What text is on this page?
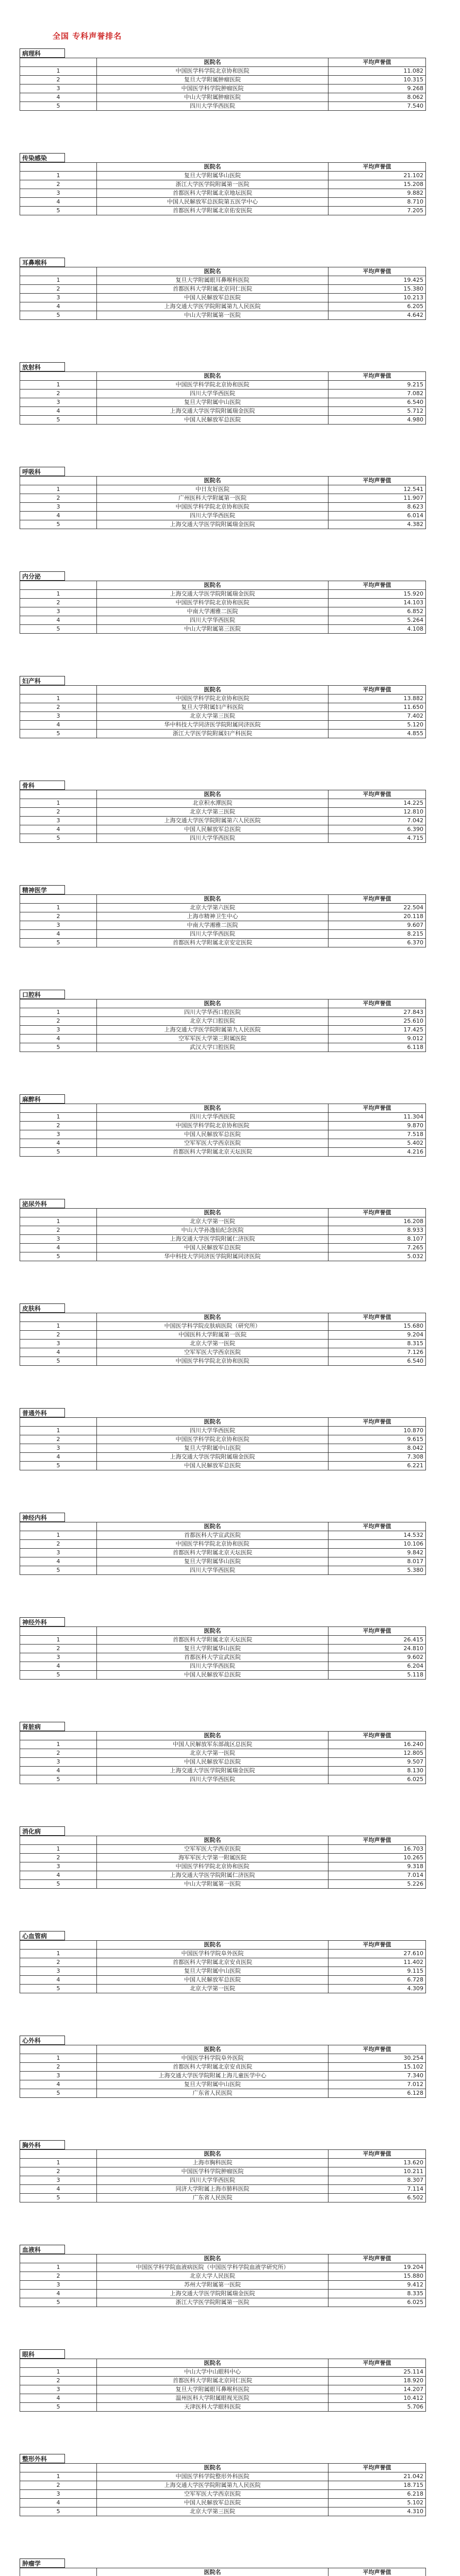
全国 专科声誉排名
病理科
	医院名	平均声誉值
1	中国医学科学院北京协和医院	11.082
2	复旦大学附属肿瘤医院	10.315
3	中国医学科学院肿瘤医院	9.268
4	中山大学附属肿瘤医院	8.062
5	四川大学华西医院	7.540
传染感染
	医院名	平均声誉值
1	复旦大学附属华山医院	21.102
2	浙江大学医学院附属第一医院	15.208
3	首都医科大学附属北京地坛医院	9.882
4	中国人民解放军总医院第五医学中心	8.710
5	首都医科大学附属北京佑安医院	7.205
耳鼻喉科
	医院名	平均声誉值
1	复旦大学附属眼耳鼻喉科医院	19.425
2	首都医科大学附属北京同仁医院	15.380
3	中国人民解放军总医院	10.213
4	上海交通大学医学院附属第九人民医院	6.205
5	中山大学附属第一医院	4.642
放射科
	医院名	平均声誉值
1	中国医学科学院北京协和医院	9.215
2	四川大学华西医院	7.082
3	复旦大学附属中山医院	6.540
4	上海交通大学医学院附属瑞金医院	5.712
5	中国人民解放军总医院	4.980
呼吸科
	医院名	平均声誉值
1	中日友好医院	12.541
2	广州医科大学附属第一医院	11.907
3	中国医学科学院北京协和医院	8.623
4	四川大学华西医院	6.014
5	上海交通大学医学院附属瑞金医院	4.382
内分泌
	医院名	平均声誉值
1	上海交通大学医学院附属瑞金医院	15.920
2	中国医学科学院北京协和医院	14.103
3	中南大学湘雅二医院	6.852
4	四川大学华西医院	5.264
5	中山大学附属第三医院	4.108
妇产科
	医院名	平均声誉值
1	中国医学科学院北京协和医院	13.882
2	复旦大学附属妇产科医院	11.650
3	北京大学第三医院	7.402
4	华中科技大学同济医学院附属同济医院	5.120
5	浙江大学医学院附属妇产科医院	4.855
骨科
	医院名	平均声誉值
1	北京积水潭医院	14.225
2	北京大学第三医院	12.810
3	上海交通大学医学院附属第六人民医院	7.042
4	中国人民解放军总医院	6.390
5	四川大学华西医院	4.715
精神医学
	医院名	平均声誉值
1	北京大学第六医院	22.504
2	上海市精神卫生中心	20.118
3	中南大学湘雅二医院	9.607
4	四川大学华西医院	8.215
5	首都医科大学附属北京安定医院	6.370
口腔科
	医院名	平均声誉值
1	四川大学华西口腔医院	27.843
2	北京大学口腔医院	25.610
3	上海交通大学医学院附属第九人民医院	17.425
4	空军军医大学第三附属医院	9.012
5	武汉大学口腔医院	6.118
麻醉科
	医院名	平均声誉值
1	四川大学华西医院	11.304
2	中国医学科学院北京协和医院	9.870
3	中国人民解放军总医院	7.518
4	空军军医大学西京医院	5.402
5	首都医科大学附属北京天坛医院	4.216
泌尿外科
	医院名	平均声誉值
1	北京大学第一医院	16.208
2	中山大学孙逸仙纪念医院	8.933
3	上海交通大学医学院附属仁济医院	8.107
4	中国人民解放军总医院	7.265
5	华中科技大学同济医学院附属同济医院	5.032
皮肤科
	医院名	平均声誉值
1	中国医学科学院皮肤病医院（研究所）	15.680
2	中国医科大学附属第一医院	9.204
3	北京大学第一医院	8.315
4	空军军医大学西京医院	7.126
5	中国医学科学院北京协和医院	6.540
普通外科
	医院名	平均声誉值
1	四川大学华西医院	10.870
2	中国医学科学院北京协和医院	9.615
3	复旦大学附属中山医院	8.042
4	上海交通大学医学院附属瑞金医院	7.308
5	中国人民解放军总医院	6.221
神经内科
	医院名	平均声誉值
1	首都医科大学宣武医院	14.532
2	中国医学科学院北京协和医院	10.106
3	首都医科大学附属北京天坛医院	9.842
4	复旦大学附属华山医院	8.017
5	四川大学华西医院	5.380
神经外科
	医院名	平均声誉值
1	首都医科大学附属北京天坛医院	26.415
2	复旦大学附属华山医院	24.810
3	首都医科大学宣武医院	9.602
4	四川大学华西医院	6.204
5	中国人民解放军总医院	5.118
肾脏病
	医院名	平均声誉值
1	中国人民解放军东部战区总医院	16.240
2	北京大学第一医院	12.805
3	中国人民解放军总医院	9.507
4	上海交通大学医学院附属瑞金医院	8.130
5	四川大学华西医院	6.025
消化病
	医院名	平均声誉值
1	空军军医大学西京医院	16.703
2	海军军医大学第一附属医院	10.265
3	中国医学科学院北京协和医院	9.318
4	上海交通大学医学院附属仁济医院	7.014
5	中山大学附属第一医院	5.226
心血管病
	医院名	平均声誉值
1	中国医学科学院阜外医院	27.610
2	首都医科大学附属北京安贞医院	11.402
3	复旦大学附属中山医院	9.115
4	中国人民解放军总医院	6.728
5	北京大学第一医院	4.309
心外科
	医院名	平均声誉值
1	中国医学科学院阜外医院	30.254
2	首都医科大学附属北京安贞医院	15.102
3	上海交通大学医学院附属上海儿童医学中心	7.340
4	复旦大学附属中山医院	7.012
5	广东省人民医院	6.128
胸外科
	医院名	平均声誉值
1	上海市胸科医院	13.620
2	中国医学科学院肿瘤医院	10.211
3	四川大学华西医院	8.307
4	同济大学附属上海市肺科医院	7.114
5	广东省人民医院	6.502
血液科
	医院名	平均声誉值
1	中国医学科学院血液病医院（中国医学科学院血液学研究所）	19.204
2	北京大学人民医院	15.880
3	苏州大学附属第一医院	9.412
4	上海交通大学医学院附属瑞金医院	8.335
5	浙江大学医学院附属第一医院	6.025
眼科
	医院名	平均声誉值
1	中山大学中山眼科中心	25.114
2	首都医科大学附属北京同仁医院	18.920
3	复旦大学附属眼耳鼻喉科医院	14.207
4	温州医科大学附属眼视光医院	10.412
5	天津医科大学眼科医院	5.706
整形外科
	医院名	平均声誉值
1	中国医学科学院整形外科医院	21.042
2	上海交通大学医学院附属第九人民医院	18.715
3	空军军医大学西京医院	6.218
4	中国人民解放军总医院	5.102
5	北京大学第三医院	4.310
肿瘤学
	医院名	平均声誉值
